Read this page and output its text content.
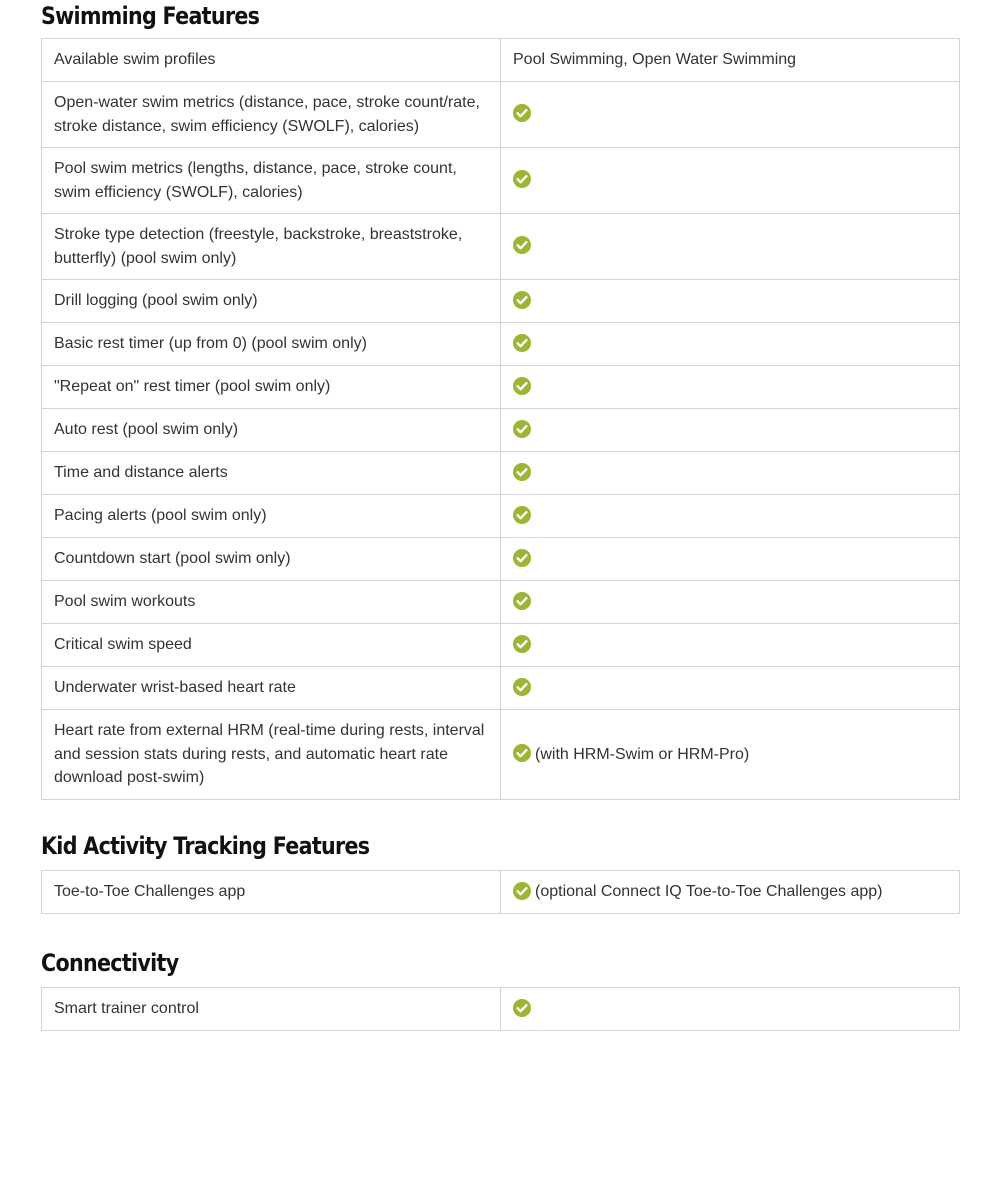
Swimming Features
Available swim profiles	Pool Swimming, Open Water Swimming
Open-water swim metrics (distance, pace, stroke count/rate, stroke distance, swim efficiency (SWOLF), calories)	

Pool swim metrics (lengths, distance, pace, stroke count, swim efficiency (SWOLF), calories)	

Stroke type detection (freestyle, backstroke, breaststroke, butterfly) (pool swim only)	

Drill logging (pool swim only)	

Basic rest timer (up from 0) (pool swim only)	

"Repeat on" rest timer (pool swim only)	

Auto rest (pool swim only)	

Time and distance alerts	

Pacing alerts (pool swim only)	

Countdown start (pool swim only)	

Pool swim workouts	

Critical swim speed	

Underwater wrist-based heart rate	

Heart rate from external HRM (real-time during rests, interval and session stats during rests, and automatic heart rate download post-swim)	(with HRM-Swim or HRM-Pro)
Kid Activity Tracking Features
Toe-to-Toe Challenges app	(optional Connect IQ Toe-to-Toe Challenges app)
Connectivity
Smart trainer control	
